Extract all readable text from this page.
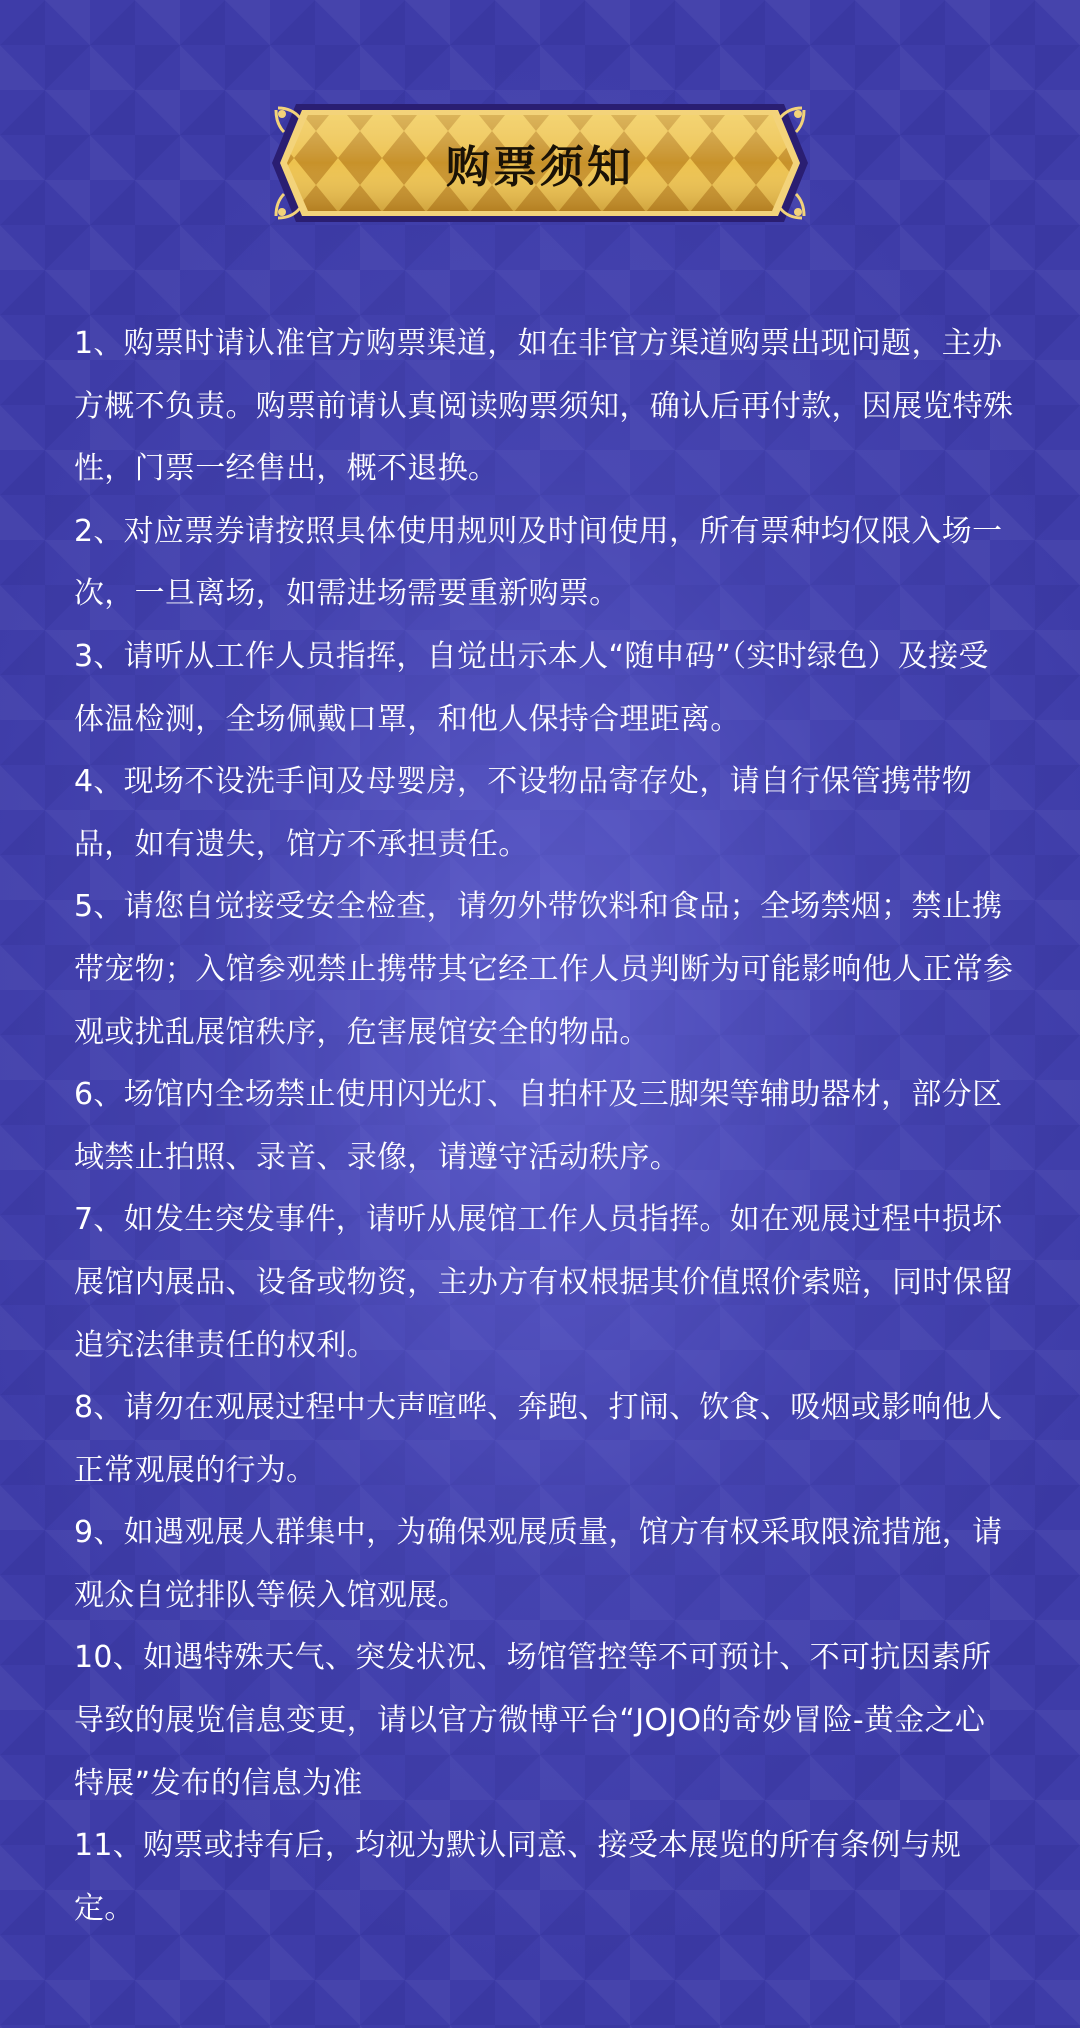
购票须知
1、购票时请认准官方购票渠道，如在非官方渠道购票出现问题，主办方概不负责。购票前请认真阅读购票须知，确认后再付款，因展览特殊性，门票一经售出，概不退换。
2、对应票券请按照具体使用规则及时间使用，所有票种均仅限入场一次，一旦离场，如需进场需要重新购票。
3、请听从工作人员指挥，自觉出示本人“随申码”（实时绿色）及接受体温检测，全场佩戴口罩，和他人保持合理距离。
4、现场不设洗手间及母婴房，不设物品寄存处，请自行保管携带物品，如有遗失，馆方不承担责任。
5、请您自觉接受安全检查，请勿外带饮料和食品；全场禁烟；禁止携带宠物；入馆参观禁止携带其它经工作人员判断为可能影响他人正常参观或扰乱展馆秩序，危害展馆安全的物品。
6、场馆内全场禁止使用闪光灯、自拍杆及三脚架等辅助器材，部分区域禁止拍照、录音、录像，请遵守活动秩序。
7、如发生突发事件，请听从展馆工作人员指挥。如在观展过程中损坏展馆内展品、设备或物资，主办方有权根据其价值照价索赔，同时保留追究法律责任的权利。
8、请勿在观展过程中大声喧哗、奔跑、打闹、饮食、吸烟或影响他人正常观展的行为。
9、如遇观展人群集中，为确保观展质量，馆方有权采取限流措施，请观众自觉排队等候入馆观展。
10、如遇特殊天气、突发状况、场馆管控等不可预计、不可抗因素所导致的展览信息变更，请以官方微博平台“JOJO的奇妙冒险-黄金之心特展”发布的信息为准
11、购票或持有后，均视为默认同意、接受本展览的所有条例与规定。
